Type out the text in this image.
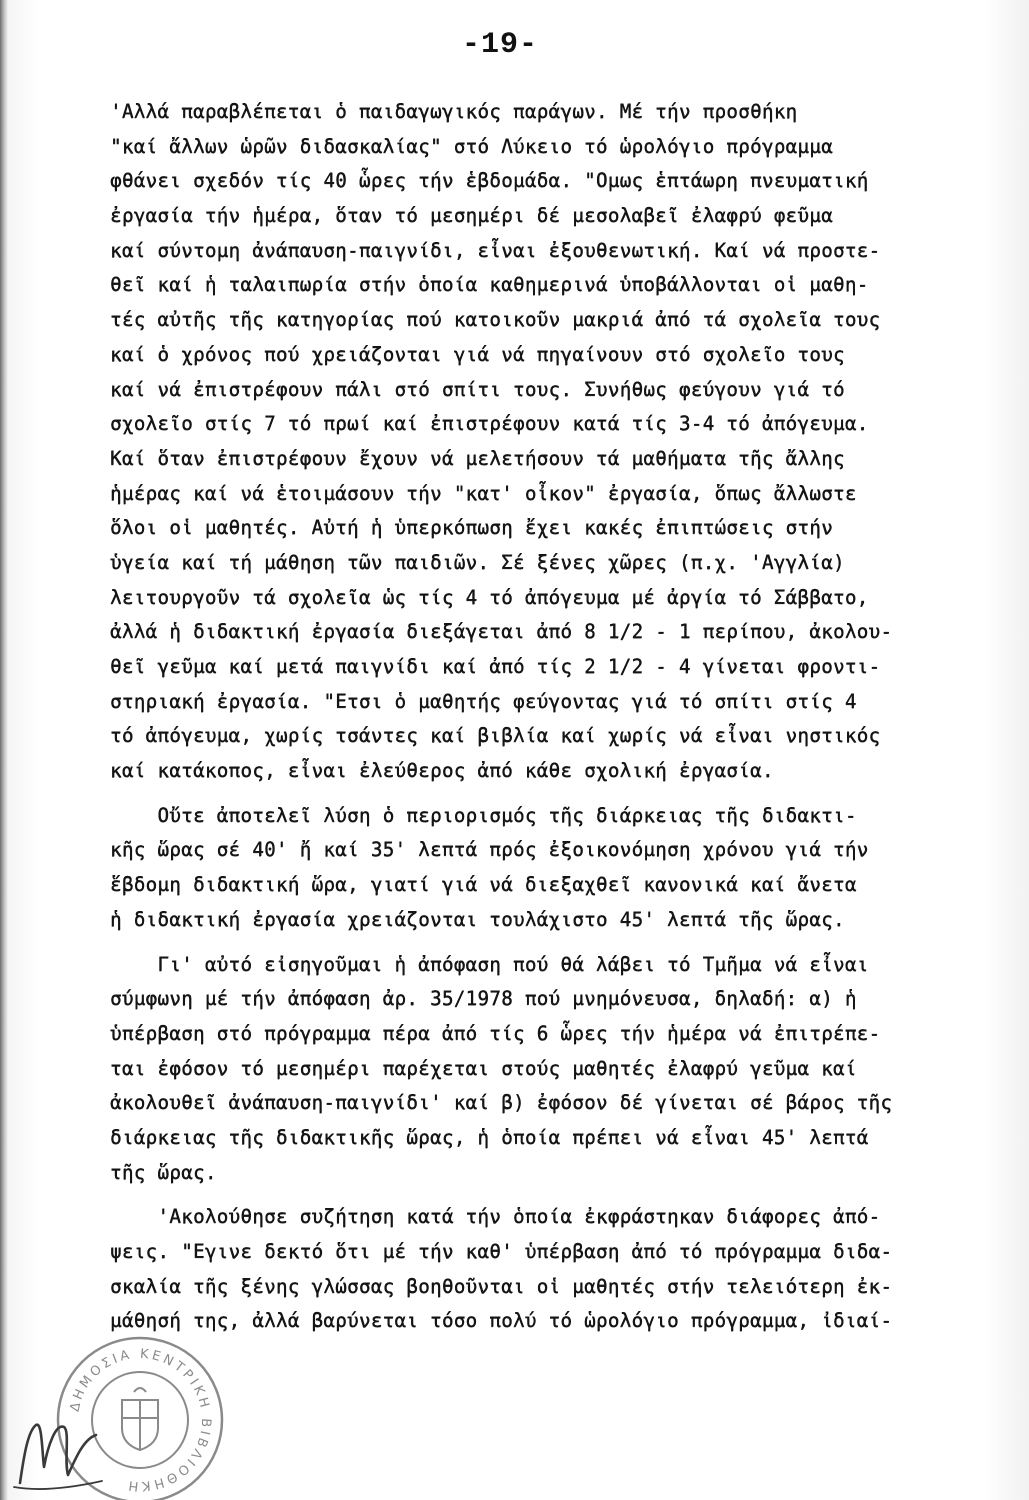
-19-
'Αλλά παραβλέπεται ὁ παιδαγωγικός παράγων. Μέ τήν προσθήκη
"καί ἄλλων ὡρῶν διδασκαλίας" στό Λύκειο τό ὡρολόγιο πρόγραμμα
φθάνει σχεδόν τίς 40 ὧρες τήν ἑβδομάδα. "Ομως ἑπτάωρη πνευματική
ἐργασία τήν ἡμέρα, ὅταν τό μεσημέρι δέ μεσολαβεῖ ἐλαφρύ φεῦμα
καί σύντομη ἀνάπαυση-παιγνίδι, εἶναι ἐξουθενωτική. Καί νά προστε-
θεῖ καί ἡ ταλαιπωρία στήν ὁποία καθημερινά ὑποβάλλονται οἱ μαθη-
τές αὐτῆς τῆς κατηγορίας πού κατοικοῦν μακριά ἀπό τά σχολεῖα τους
καί ὁ χρόνος πού χρειάζονται γιά νά πηγαίνουν στό σχολεῖο τους
καί νά ἐπιστρέφουν πάλι στό σπίτι τους. Συνήθως φεύγουν γιά τό
σχολεῖο στίς 7 τό πρωί καί ἐπιστρέφουν κατά τίς 3-4 τό ἀπόγευμα.
Καί ὅταν ἐπιστρέφουν ἔχουν νά μελετήσουν τά μαθήματα τῆς ἄλλης
ἡμέρας καί νά ἑτοιμάσουν τήν "κατ' οἶκον" ἐργασία, ὅπως ἄλλωστε
ὅλοι οἱ μαθητές. Αὐτή ἡ ὑπερκόπωση ἔχει κακές ἐπιπτώσεις στήν
ὑγεία καί τή μάθηση τῶν παιδιῶν. Σέ ξένες χῶρες (π.χ. 'Αγγλία)
λειτουργοῦν τά σχολεῖα ὡς τίς 4 τό ἀπόγευμα μέ ἀργία τό Σάββατο,
ἀλλά ἡ διδακτική ἐργασία διεξάγεται ἀπό 8 1/2 - 1 περίπου, ἀκολου-
θεῖ γεῦμα καί μετά παιγνίδι καί ἀπό τίς 2 1/2 - 4 γίνεται φροντι-
στηριακή ἐργασία. "Ετσι ὁ μαθητής φεύγοντας γιά τό σπίτι στίς 4
τό ἀπόγευμα, χωρίς τσάντες καί βιβλία καί χωρίς νά εἶναι νηστικός
καί κατάκοπος, εἶναι ἐλεύθερος ἀπό κάθε σχολική ἐργασία.
Οὔτε ἀποτελεῖ λύση ὁ περιορισμός τῆς διάρκειας τῆς διδακτι-
κῆς ὥρας σέ 40' ἤ καί 35' λεπτά πρός ἐξοικονόμηση χρόνου γιά τήν
ἕβδομη διδακτική ὥρα, γιατί γιά νά διεξαχθεῖ κανονικά καί ἄνετα
ἡ διδακτική ἐργασία χρειάζονται τουλάχιστο 45' λεπτά τῆς ὥρας.
Γι' αὐτό εἰσηγοῦμαι ἡ ἀπόφαση πού θά λάβει τό Τμῆμα νά εἶναι
σύμφωνη μέ τήν ἀπόφαση ἀρ. 35/1978 πού μνημόνευσα, δηλαδή: α) ἡ
ὑπέρβαση στό πρόγραμμα πέρα ἀπό τίς 6 ὧρες τήν ἡμέρα νά ἐπιτρέπε-
ται ἐφόσον τό μεσημέρι παρέχεται στούς μαθητές ἐλαφρύ γεῦμα καί
ἀκολουθεῖ ἀνάπαυση-παιγνίδι' καί β) ἐφόσον δέ γίνεται σέ βάρος τῆς
διάρκειας τῆς διδακτικῆς ὥρας, ἡ ὁποία πρέπει νά εἶναι 45' λεπτά
τῆς ὥρας.
'Ακολούθησε συζήτηση κατά τήν ὁποία ἐκφράστηκαν διάφορες ἀπό-
ψεις. "Εγινε δεκτό ὅτι μέ τήν καθ' ὑπέρβαση ἀπό τό πρόγραμμα διδα-
σκαλία τῆς ξένης γλώσσας βοηθοῦνται οἱ μαθητές στήν τελειότερη ἐκ-
μάθησή της, ἀλλά βαρύνεται τόσο πολύ τό ὡρολόγιο πρόγραμμα, ἰδιαί-
ΔΗΜΟΣΙΑ ΚΕΝΤΡΙΚΗ ΒΙΒΛΙΟΘΗΚΗ
